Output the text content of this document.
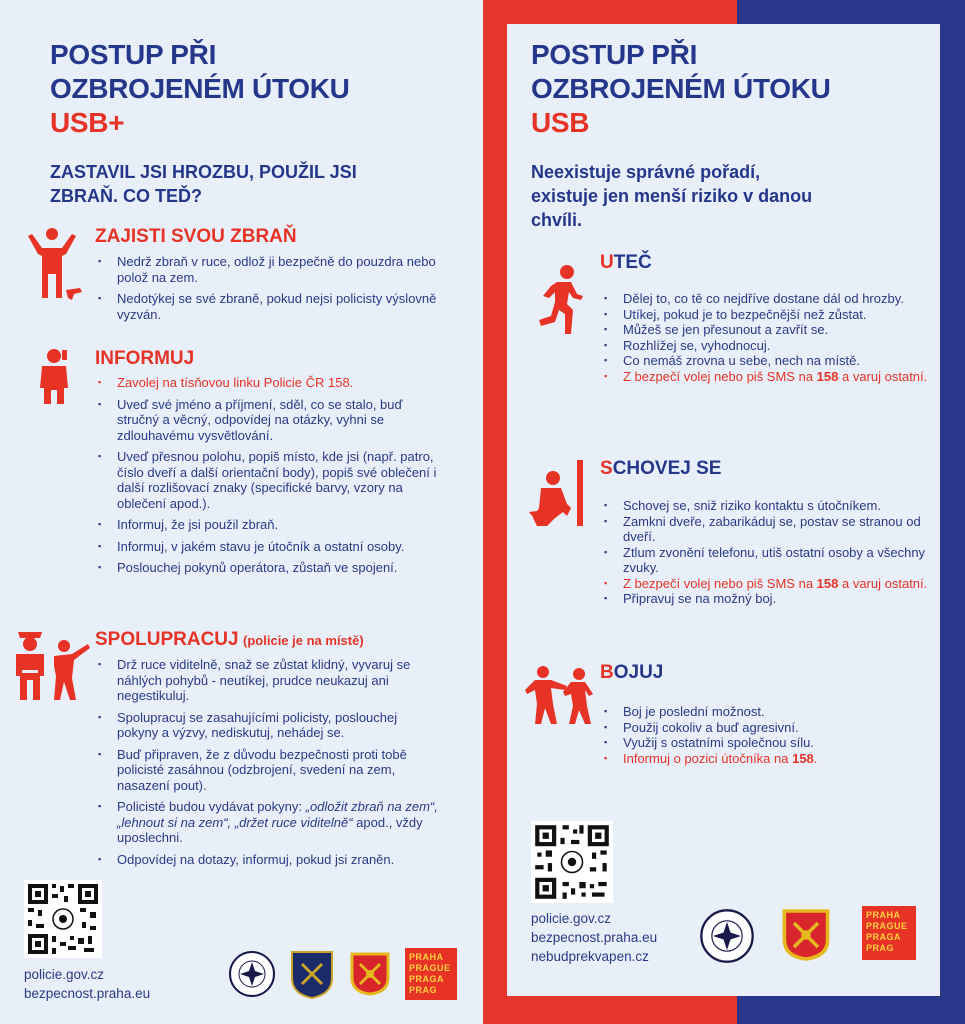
POSTUP PŘI
OZBROJENÉM ÚTOKU
USB+
ZASTAVIL JSI HROZBU, POUŽIL JSI
ZBRAŇ. CO TEĎ?
ZAJISTI SVOU ZBRAŇ
▪ Nedrž zbraň v ruce, odlož ji bezpečně do pouzdra nebo polož na zem.
▪ Nedotýkej se své zbraně, pokud nejsi policisty výslovně vyzván.
INFORMUJ
▪ Zavolej na tísňovou linku Policie ČR 158.
▪ Uveď své jméno a příjmení, sděl, co se stalo, buď stručný a věcný, odpovídej na otázky, vyhni se zdlouhavému vysvětlování.
▪ Uveď přesnou polohu, popiš místo, kde jsi (např. patro, číslo dveří a další orientační body), popiš své oblečení i další rozlišovací znaky (specifické barvy, vzory na oblečení apod.).
▪ Informuj, že jsi použil zbraň.
▪ Informuj, v jakém stavu je útočník a ostatní osoby.
▪ Poslouchej pokynů operátora, zůstaň ve spojení.
SPOLUPRACUJ (policie je na místě)
▪ Drž ruce viditelně, snaž se zůstat klidný, vyvaruj se náhlých pohybů - neutíkej, prudce neukazuj ani negestikuluj.
▪ Spolupracuj se zasahujícími policisty, poslouchej pokyny a výzvy, nediskutuj, nehádej se.
▪ Buď připraven, že z důvodu bezpečnosti proti tobě policisté zasáhnou (odzbrojení, svedení na zem, nasazení pout).
▪ Policisté budou vydávat pokyny: „odložit zbraň na zem“, „lehnout si na zem“, „držet ruce viditelně“ apod., vždy uposlechni.
▪ Odpovídej na dotazy, informuj, pokud jsi zraněn.
policie.gov.cz
bezpecnost.praha.eu
PRAHA
PRAGUE
PRAGA
PRAG
POSTUP PŘI
OZBROJENÉM ÚTOKU
USB
Neexistuje správné pořadí,
existuje jen menší riziko v danou
chvíli.
UTEČ
▪ Dělej to, co tě co nejdříve dostane dál od hrozby.
▪ Utíkej, pokud je to bezpečnější než zůstat.
▪ Můžeš se jen přesunout a zavřít se.
▪ Rozhlížej se, vyhodnocuj.
▪ Co nemáš zrovna u sebe, nech na místě.
▪ Z bezpečí volej nebo piš SMS na 158 a varuj ostatní.
SCHOVEJ SE
▪ Schovej se, sniž riziko kontaktu s útočníkem.
▪ Zamkni dveře, zabarikáduj se, postav se stranou od dveří.
▪ Ztlum zvonění telefonu, utiš ostatní osoby a všechny zvuky.
▪ Z bezpečí volej nebo piš SMS na 158 a varuj ostatní.
▪ Připravuj se na možný boj.
BOJUJ
▪ Boj je poslední možnost.
▪ Použij cokoliv a buď agresivní.
▪ Využij s ostatními společnou sílu.
▪ Informuj o pozici útočníka na 158.
policie.gov.cz
bezpecnost.praha.eu
nebudprekvapen.cz
PRAHA
PRAGUE
PRAGA
PRAG
